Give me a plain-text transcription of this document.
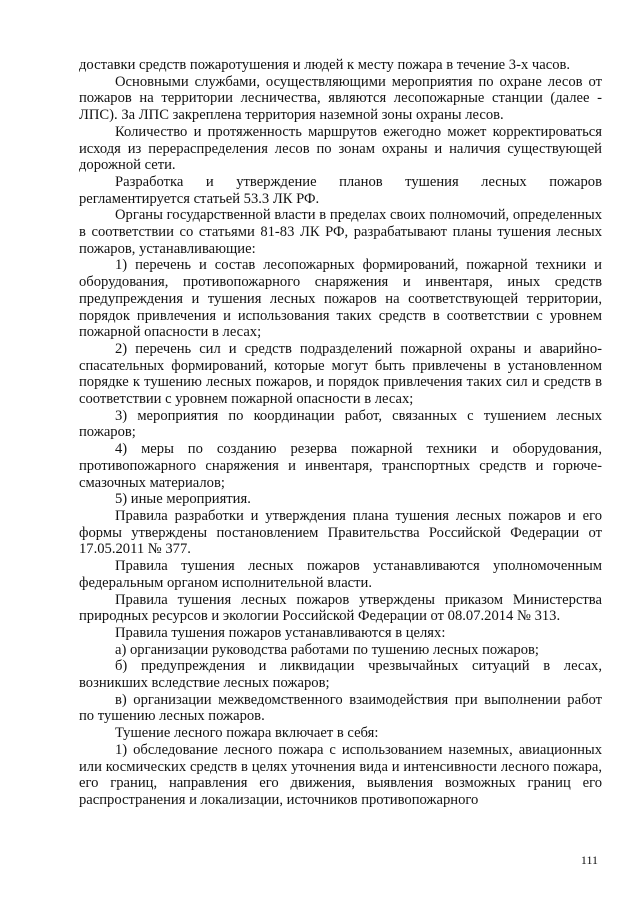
доставки средств пожаротушения и людей к месту пожара в течение 3-х часов.

Основными службами, осуществляющими мероприятия по охране лесов от пожаров на территории лесничества, являются лесопожарные станции (далее - ЛПС). За ЛПС закреплена территория наземной зоны охраны лесов.

Количество и протяженность маршрутов ежегодно может корректироваться исходя из перераспределения лесов по зонам охраны и наличия существующей дорожной сети.

Разработка и утверждение планов тушения лесных пожаров регламентируется статьей 53.3 ЛК РФ.

Органы государственной власти в пределах своих полномочий, определенных в соответствии со статьями 81-83 ЛК РФ, разрабатывают планы тушения лесных пожаров, устанавливающие:

1) перечень и состав лесопожарных формирований, пожарной техники и оборудования, противопожарного снаряжения и инвентаря, иных средств предупреждения и тушения лесных пожаров на соответствующей территории, порядок привлечения и использования таких средств в соответствии с уровнем пожарной опасности в лесах;

2) перечень сил и средств подразделений пожарной охраны и аварийно-спасательных формирований, которые могут быть привлечены в установленном порядке к тушению лесных пожаров, и порядок привлечения таких сил и средств в соответствии с уровнем пожарной опасности в лесах;

3) мероприятия по координации работ, связанных с тушением лесных пожаров;

4) меры по созданию резерва пожарной техники и оборудования, противопожарного снаряжения и инвентаря, транспортных средств и горюче-смазочных материалов;

5) иные мероприятия.

Правила разработки и утверждения плана тушения лесных пожаров и его формы утверждены постановлением Правительства Российской Федерации от 17.05.2011 № 377.

Правила тушения лесных пожаров устанавливаются уполномоченным федеральным органом исполнительной власти.

Правила тушения лесных пожаров утверждены приказом Министерства природных ресурсов и экологии Российской Федерации от 08.07.2014 № 313.

Правила тушения пожаров устанавливаются в целях:

а) организации руководства работами по тушению лесных пожаров;

б) предупреждения и ликвидации чрезвычайных ситуаций в лесах, возникших вследствие лесных пожаров;

в) организации межведомственного взаимодействия при выполнении работ по тушению лесных пожаров.

Тушение лесного пожара включает в себя:

1) обследование лесного пожара с использованием наземных, авиационных или космических средств в целях уточнения вида и интенсивности лесного пожара, его границ, направления его движения, выявления возможных границ его распространения и локализации, источников противопожарного

111
